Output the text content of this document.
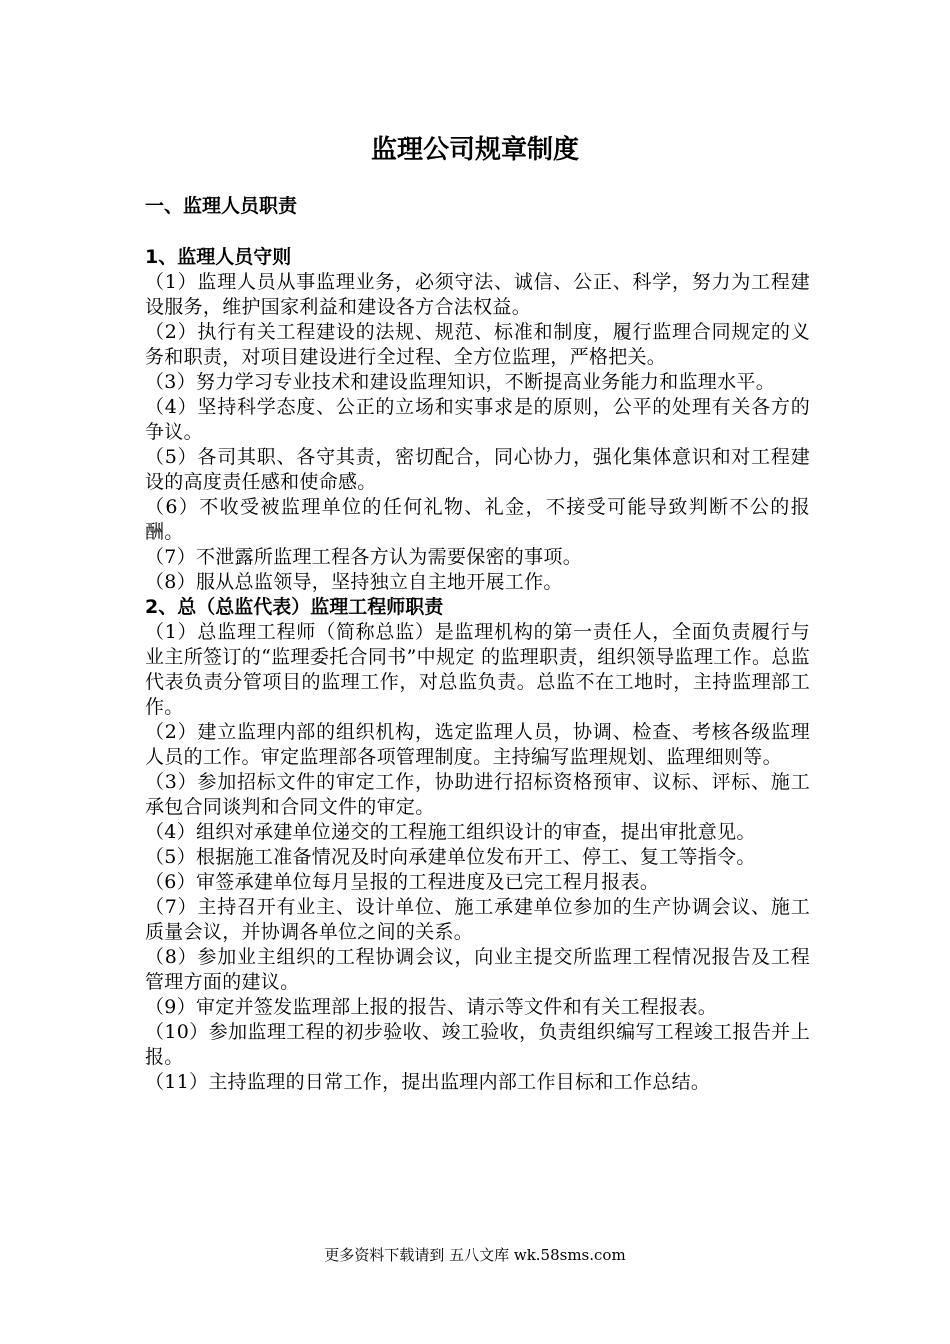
监理公司规章制度

一、监理人员职责

1、监理人员守则

（1）监理人员从事监理业务，必须守法、诚信、公正、科学，努力为工程建设服务，维护国家利益和建设各方合法权益。

（2）执行有关工程建设的法规、规范、标准和制度，履行监理合同规定的义务和职责，对项目建设进行全过程、全方位监理，严格把关。

（3）努力学习专业技术和建设监理知识，不断提高业务能力和监理水平。

（4）坚持科学态度、公正的立场和实事求是的原则，公平的处理有关各方的争议。

（5）各司其职、各守其责，密切配合，同心协力，强化集体意识和对工程建设的高度责任感和使命感。

（6）不收受被监理单位的任何礼物、礼金，不接受可能导致判断不公的报酬。

（7）不泄露所监理工程各方认为需要保密的事项。

（8）服从总监领导，坚持独立自主地开展工作。

2、总（总监代表）监理工程师职责

（1）总监理工程师（简称总监）是监理机构的第一责任人，全面负责履行与业主所签订的“监理委托合同书”中规定 的监理职责，组织领导监理工作。总监代表负责分管项目的监理工作，对总监负责。总监不在工地时，主持监理部工作。

（2）建立监理内部的组织机构，选定监理人员，协调、检查、考核各级监理人员的工作。审定监理部各项管理制度。主持编写监理规划、监理细则等。

（3）参加招标文件的审定工作，协助进行招标资格预审、议标、评标、施工承包合同谈判和合同文件的审定。

（4）组织对承建单位递交的工程施工组织设计的审查，提出审批意见。

（5）根据施工准备情况及时向承建单位发布开工、停工、复工等指令。

（6）审签承建单位每月呈报的工程进度及已完工程月报表。

（7）主持召开有业主、设计单位、施工承建单位参加的生产协调会议、施工质量会议，并协调各单位之间的关系。

（8）参加业主组织的工程协调会议，向业主提交所监理工程情况报告及工程管理方面的建议。

（9）审定并签发监理部上报的报告、请示等文件和有关工程报表。

（10）参加监理工程的初步验收、竣工验收，负责组织编写工程竣工报告并上报。

（11）主持监理的日常工作，提出监理内部工作目标和工作总结。

更多资料下载请到 五八文库 wk.58sms.com
